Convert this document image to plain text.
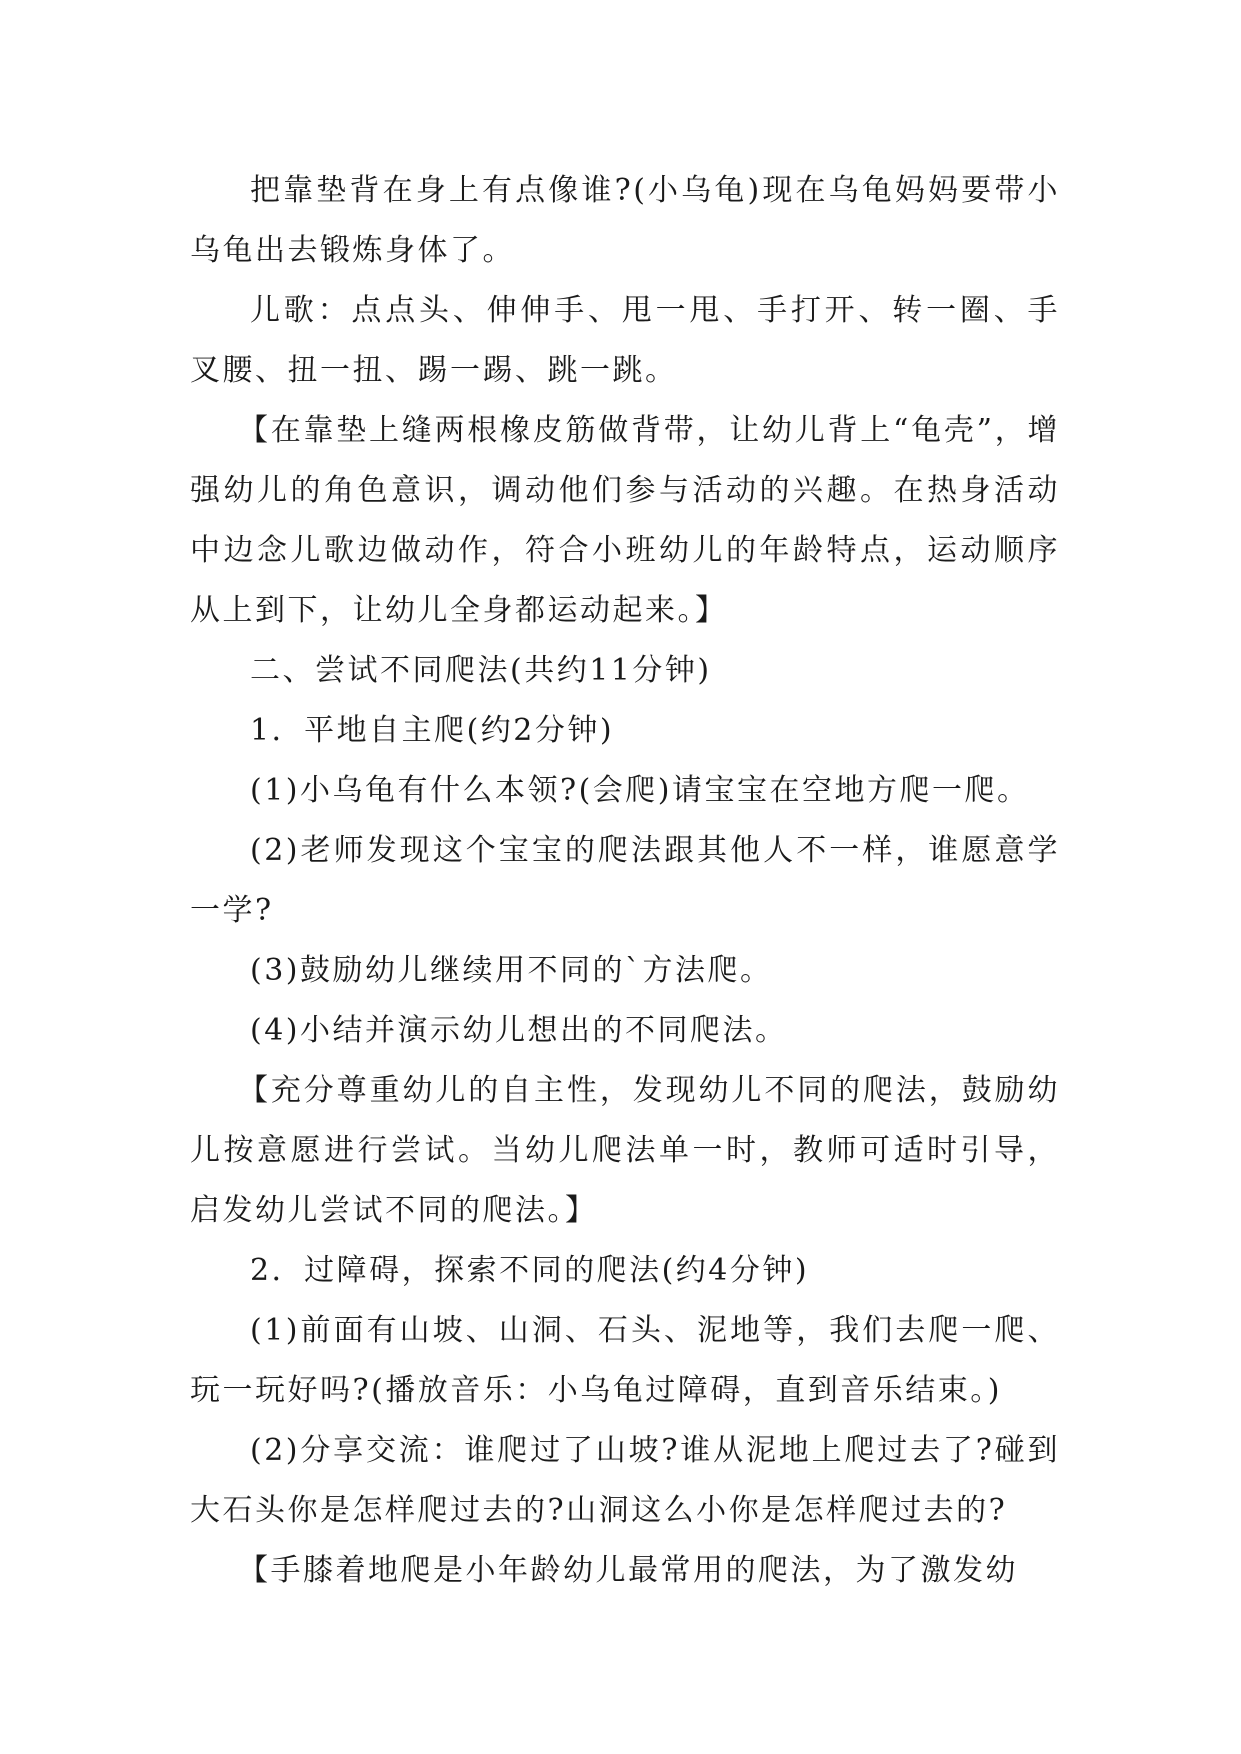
把靠垫背在身上有点像谁?(小乌龟)现在乌龟妈妈要带小乌龟出去锻炼身体了。

儿歌：点点头、伸伸手、甩一甩、手打开、转一圈、手叉腰、扭一扭、踢一踢、跳一跳。

【在靠垫上缝两根橡皮筋做背带，让幼儿背上“龟壳”，增强幼儿的角色意识，调动他们参与活动的兴趣。在热身活动中边念儿歌边做动作，符合小班幼儿的年龄特点，运动顺序从上到下，让幼儿全身都运动起来。】

二、尝试不同爬法(共约11分钟)

1．平地自主爬(约2分钟)

(1)小乌龟有什么本领?(会爬)请宝宝在空地方爬一爬。

(2)老师发现这个宝宝的爬法跟其他人不一样，谁愿意学一学?

(3)鼓励幼儿继续用不同的`方法爬。

(4)小结并演示幼儿想出的不同爬法。

【充分尊重幼儿的自主性，发现幼儿不同的爬法，鼓励幼儿按意愿进行尝试。当幼儿爬法单一时，教师可适时引导，启发幼儿尝试不同的爬法。】

2．过障碍，探索不同的爬法(约4分钟)

(1)前面有山坡、山洞、石头、泥地等，我们去爬一爬、玩一玩好吗?(播放音乐：小乌龟过障碍，直到音乐结束。)

(2)分享交流：谁爬过了山坡?谁从泥地上爬过去了?碰到大石头你是怎样爬过去的?山洞这么小你是怎样爬过去的?

【手膝着地爬是小年龄幼儿最常用的爬法，为了激发幼
